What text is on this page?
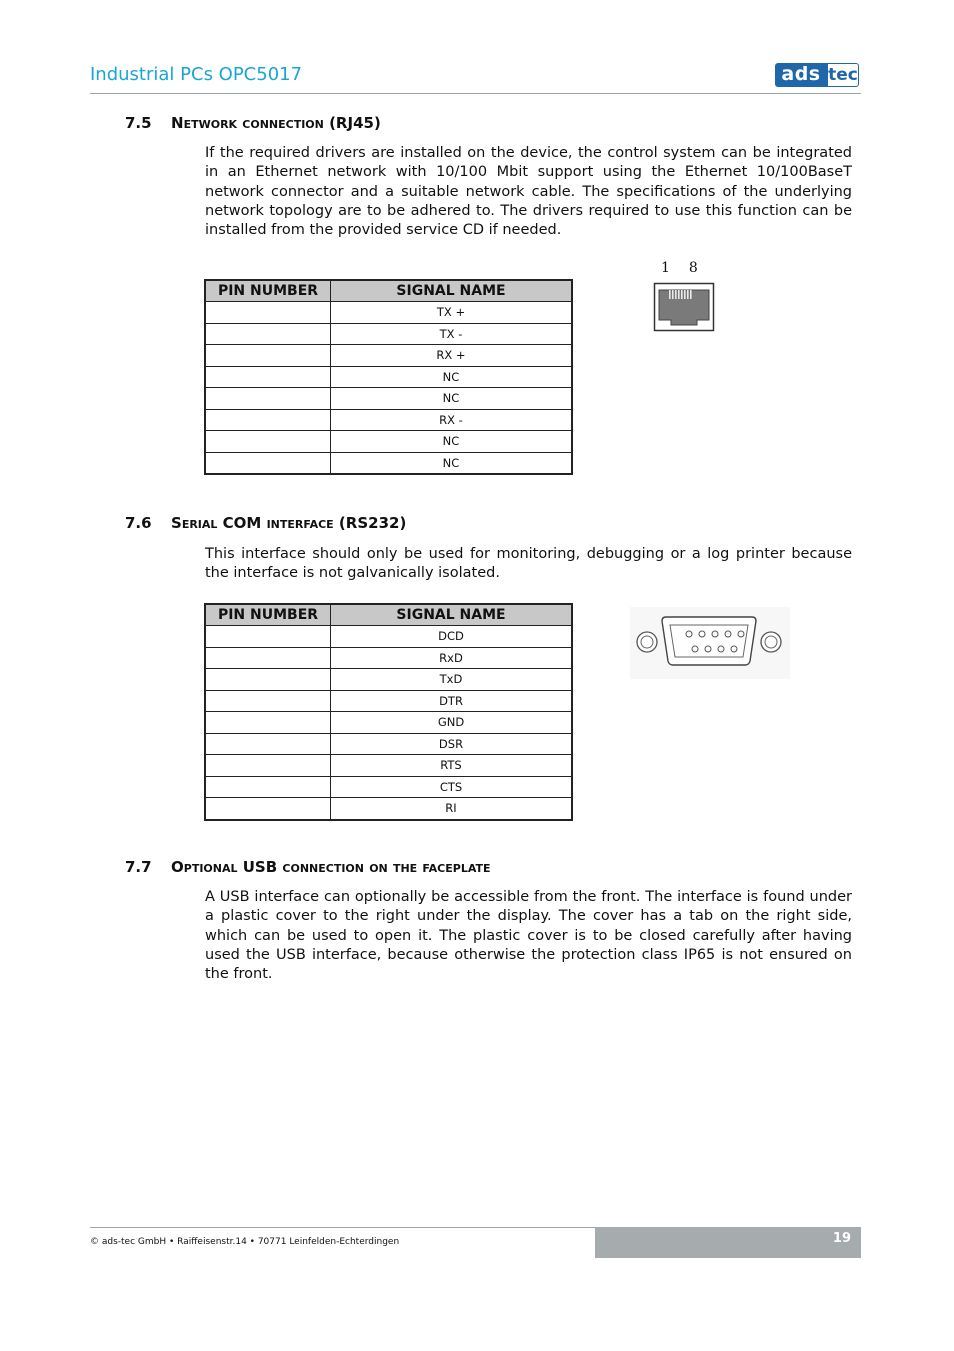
Industrial PCs OPC5017	ads tec
7.5 Network connection (RJ45)
If the required drivers are installed on the device, the control system can be integrated in an Ethernet network with 10/100 Mbit support using the Ethernet 10/100BaseT network connector and a suitable network cable. The specifications of the underlying network topology are to be adhered to. The drivers required to use this function can be installed from the provided service CD if needed.
PIN NUMBER	SIGNAL NAME
	TX +
	TX -
	RX +
	NC
	NC
	RX -
	NC
	NC
1 8
7.6 Serial COM interface (RS232)
This interface should only be used for monitoring, debugging or a log printer because the interface is not galvanically isolated.
PIN NUMBER	SIGNAL NAME
	DCD
	RxD
	TxD
	DTR
	GND
	DSR
	RTS
	CTS
	RI
7.7 Optional USB connection on the faceplate
A USB interface can optionally be accessible from the front. The interface is found under a plastic cover to the right under the display. The cover has a tab on the right side, which can be used to open it. The plastic cover is to be closed carefully after having used the USB interface, because otherwise the protection class IP65 is not ensured on the front.
19
© ads-tec GmbH • Raiffeisenstr.14 • 70771 Leinfelden-Echterdingen
